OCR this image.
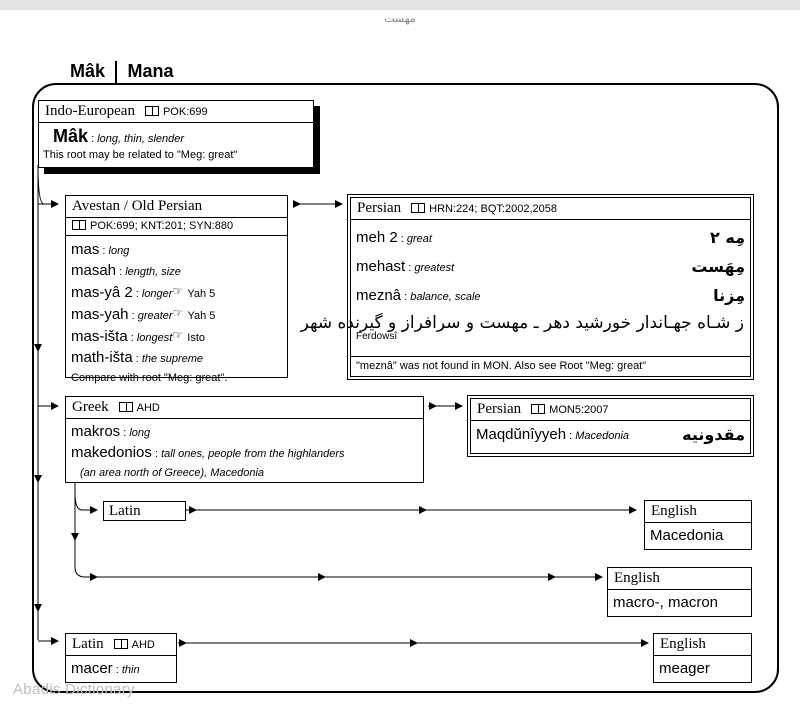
مهست
Mâk Mana
Indo-European	POK:699
Mâk : long, thin, slender
This root may be related to "Meg: great"
Avestan / Old Persian
POK:699; KNT:201; SYN:880
mas : long
masah : length, size
mas-yâ 2 : longer☞ Yah 5
mas-yah : greater☞ Yah 5
mas-išta : longest☞ Isto
math-išta : the supreme
Compare with root "Meg: great".
Persian	HRN:224; BQT:2002,2058
مِه ۲
meh 2 : great
مِهَست
mehast : greatest
مِزنا
meznâ : balance, scale
ز شـاه جهـاندار خورشيد دهر ـ مهست و سرافراز و گيرنده شهر
Ferdowsî
"meznâ" was not found in MON. Also see Root "Meg: great"
Greek	AHD
makros : long
makedonios : tall ones, people from the highlanders
(an area north of Greece), Macedonia
Persian	MON5:2007
مقدونيه
Maqdŭnîyyeh : Macedonia
Latin	English
Macedonia
English
macro-, macron
Latin	AHD
macer : thin
English
meager
Abadis Dictionary
